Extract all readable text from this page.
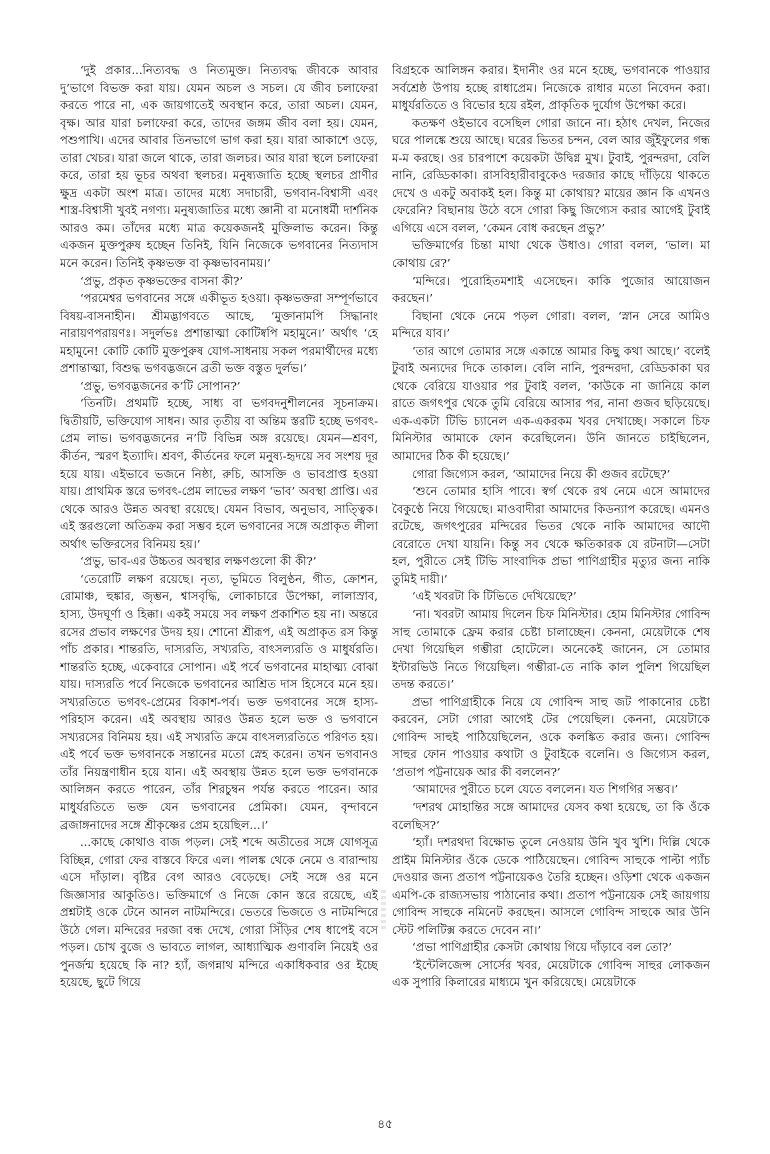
‘দুই প্রকার...নিত্যবদ্ধ ও নিত্যমুক্ত। নিত্যবদ্ধ জীবকে আবার দু’ভাগে বিভক্ত করা যায়। যেমন অচল ও সচল। যে জীব চলাফেরা করতে পারে না, এক জায়গাতেই অবস্থান করে, তারা অচল। যেমন, বৃক্ষ। আর যারা চলাফেরা করে, তাদের জঙ্গম জীব বলা হয়। যেমন, পশুপাখি। এদের আবার তিনভাগে ভাগ করা হয়। যারা আকাশে ওড়ে, তারা খেচর। যারা জলে থাকে, তারা জলচর। আর যারা স্থলে চলাফেরা করে, তারা হয় ভূচর অথবা স্থলচর। মনুষ্যজাতি হচ্ছে স্থলচর প্রাণীর ক্ষুদ্র একটা অংশ মাত্র। তাদের মধ্যে সদাচারী, ভগবান-বিশ্বাসী এবং শাস্ত্র-বিশ্বাসী খুবই নগণ্য। মনুষ্যজাতির মধ্যে জ্ঞানী বা মনোধর্মী দার্শনিক আরও কম। তাঁদের মধ্যে মাত্র কয়েকজনই মুক্তিলাভ করেন। কিন্তু একজন মুক্তপুরুষ হচ্ছেন তিনিই, যিনি নিজেকে ভগবানের নিত্যদাস মনে করেন। তিনিই কৃষ্ণভক্ত বা কৃষ্ণভাবনাময়।’

‘প্রভু, প্রকৃত কৃষ্ণভক্তের বাসনা কী?’

‘পরমেশ্বর ভগবানের সঙ্গে একীভূত হওয়া। কৃষ্ণভক্তরা সম্পূর্ণভাবে বিষয়-বাসনাহীন। শ্রীমদ্ভাগবতে আছে, ‘মুক্তানামপি সিদ্ধানাং নারায়ণপরায়ণঃ। সদুর্লভঃ প্রশান্তাত্মা কোটিষ্বপি মহামুনে।’ অর্থাৎ ‘হে মহামুনে! কোটি কোটি মুক্তপুরুষ যোগ-সাধনায় সকল পরমার্থীদের মধ্যে প্রশান্তাত্মা, বিশুদ্ধ ভগবদ্ভজনে ব্রতী ভক্ত বস্তুত দুর্লভ।’

‘প্রভু, ভগবদ্ভজনের ক’টি সোপান?’

‘তিনটি। প্রথমটি হচ্ছে, সাধ্য বা ভগবদনুশীলনের সূচনাক্রম। দ্বিতীয়টি, ভক্তিযোগ সাধন। আর তৃতীয় বা অন্তিম স্তরটি হচ্ছে ভগবৎ-প্রেম লাভ। ভগবদ্ভজনের ন’টি বিভিন্ন অঙ্গ রয়েছে। যেমন—শ্রবণ, কীর্তন, স্মরণ ইত্যাদি। শ্রবণ, কীর্তনের ফলে মনুষ্য-হৃদয়ে সব সংশয় দূর হয়ে যায়। এইভাবে ভজনে নিষ্ঠা, রুচি, আসক্তি ও ভাবপ্রাপ্ত হওয়া যায়। প্রাথমিক স্তরে ভগবৎ-প্রেম লাভের লক্ষণ ‘ভাব’ অবস্থা প্রাপ্তি। এর থেকে আরও উন্নত অবস্থা রয়েছে। যেমন বিভাব, অনুভাব, সাত্ত্বিক। এই স্তরগুলো অতিক্রম করা সম্ভব হলে ভগবানের সঙ্গে অপ্রাকৃত লীলা অর্থাৎ ভক্তিরসের বিনিময় হয়।’

‘প্রভু, ভাব-এর উচ্চতর অবস্থার লক্ষণগুলো কী কী?’

‘তেরোটি লক্ষণ রয়েছে। নৃত্য, ভূমিতে বিলুণ্ঠন, গীত, ক্রোশন, রোমাঞ্চ, হুঙ্কার, জৃম্ভন, শ্বাসবৃদ্ধি, লোকাচারে উপেক্ষা, লালাস্রাব, হাস্য, উদঘূর্ণা ও হিক্কা। একই সময়ে সব লক্ষণ প্রকাশিত হয় না। অন্তরে রসের প্রভাব লক্ষণের উদয় হয়। শোনো শ্রীরূপ, এই অপ্রাকৃত রস কিন্তু পাঁচ প্রকার। শান্তরতি, দাস্যরতি, সখ্যরতি, বাৎসল্যরতি ও মাধুর্যরতি। শান্তরতি হচ্ছে, একেবারে সোপান। এই পর্বে ভগবানের মাহাত্ম্য বোঝা যায়। দাস্যরতি পর্বে নিজেকে ভগবানের আশ্রিত দাস হিসেবে মনে হয়। সখ্যরতিতে ভগবৎ-প্রেমের বিকাশ-পর্ব। ভক্ত ভগবানের সঙ্গে হাস্য-পরিহাস করেন। এই অবস্থায় আরও উন্নত হলে ভক্ত ও ভগবানে সখ্যরসের বিনিময় হয়। এই সখ্যরতি ক্রমে বাৎসল্যরতিতে পরিণত হয়। এই পর্বে ভক্ত ভগবানকে সন্তানের মতো স্নেহ করেন। তখন ভগবানও তাঁর নিয়ন্ত্রণাধীন হয়ে যান। এই অবস্থায় উন্নত হলে ভক্ত ভগবানকে আলিঙ্গন করতে পারেন, তাঁর শিরচুম্বন পর্যন্ত করতে পারেন। আর মাধুর্যরতিতে ভক্ত যেন ভগবানের প্রেমিকা। যেমন, বৃন্দাবনে ব্রজাঙ্গনাদের সঙ্গে শ্রীকৃষ্ণের প্রেম হয়েছিল...।’

...কাছে কোথাও বাজ পড়ল। সেই শব্দে অতীতের সঙ্গে যোগসূত্র বিচ্ছিন্ন, গোরা ফের বাস্তবে ফিরে এল। পালঙ্ক থেকে নেমে ও বারান্দায় এসে দাঁড়াল। বৃষ্টির বেগ আরও বেড়েছে। সেই সঙ্গে ওর মনে জিজ্ঞাসার আকুতিও। ভক্তিমার্গে ও নিজে কোন স্তরে রয়েছে, এই প্রশ্নটাই ওকে টেনে আনল নাটমন্দিরে। ভেতরে ভিজতে ও নাটমন্দিরে উঠে গেল। মন্দিরের দরজা বন্ধ দেখে, গোরা সিঁড়ির শেষ ধাপেই বসে পড়ল। চোখ বুজে ও ভাবতে লাগল, আধ্যাত্মিক গুণাবলি নিয়েই ওর পুনর্জন্ম হয়েছে কি না? হ্যাঁ, জগন্নাথ মন্দিরে একাধিকবার ওর ইচ্ছে হয়েছে, ছুটে গিয়ে

বিগ্রহকে আলিঙ্গন করার। ইদানীং ওর মনে হচ্ছে, ভগবানকে পাওয়ার সর্বশ্রেষ্ঠ উপায় হচ্ছে রাধাপ্রেম। নিজেকে রাধার মতো নিবেদন করা। মাধুর্যরতিতে ও বিভোর হয়ে রইল, প্রাকৃতিক দুর্যোগ উপেক্ষা করে।

কতক্ষণ ওইভাবে বসেছিল গোরা জানে না। হঠাৎ দেখল, নিজের ঘরে পালঙ্কে শুয়ে আছে। ঘরের ভিতর চন্দন, বেল আর জুঁইফুলের গন্ধ ম-ম করছে। ওর চারপাশে কয়েকটা উদ্বিগ্ন মুখ। টুবাই, পুরন্দরদা, বেলি নানি, রেড্ডিকাকা। রাসবিহারীবাবুকেও দরজার কাছে দাঁড়িয়ে থাকতে দেখে ও একটু অবাকই হল। কিন্তু মা কোথায়? মায়ের জ্ঞান কি এখনও ফেরেনি? বিছানায় উঠে বসে গোরা কিছু জিগ্যেস করার আগেই টুবাই এগিয়ে এসে বলল, ‘কেমন বোধ করছেন প্রভু?’

ভক্তিমার্গের চিন্তা মাথা থেকে উধাও। গোরা বলল, ‘ভাল। মা কোথায় রে?’

‘মন্দিরে। পুরোহিতমশাই এসেছেন। কাকি পুজোর আয়োজন করছেন।’

বিছানা থেকে নেমে পড়ল গোরা। বলল, ‘স্নান সেরে আমিও মন্দিরে যাব।’

‘তার আগে তোমার সঙ্গে একান্তে আমার কিছু কথা আছে।’ বলেই টুবাই অন্যদের দিকে তাকাল। বেলি নানি, পুরন্দরদা, রেড্ডিকাকা ঘর থেকে বেরিয়ে যাওয়ার পর টুবাই বলল, ‘কাউকে না জানিয়ে কাল রাতে জগৎপুর থেকে তুমি বেরিয়ে আসার পর, নানা গুজব ছড়িয়েছে। এক-একটা টিভি চ্যানেল এক-একরকম খবর দেখাচ্ছে। সকালে চিফ মিনিস্টার আমাকে ফোন করেছিলেন। উনি জানতে চাইছিলেন, আমাদের ঠিক কী হয়েছে।’

গোরা জিগ্যেস করল, ‘আমাদের নিয়ে কী গুজব রটেছে?’

‘শুনে তোমার হাসি পাবে। স্বর্গ থেকে রথ নেমে এসে আমাদের বৈকুণ্ঠে নিয়ে গিয়েছে। মাওবাদীরা আমাদের কিডন্যাপ করেছে। এমনও রটেছে, জগৎপুরের মন্দিরের ভিতর থেকে নাকি আমাদের আদৌ বেরোতে দেখা যায়নি। কিন্তু সব থেকে ক্ষতিকারক যে রটনাটা—সেটা হল, পুরীতে সেই টিভি সাংবাদিক প্রভা পাণিগ্রাহীর মৃত্যুর জন্য নাকি তুমিই দায়ী।’

‘এই খবরটা কি টিভিতে দেখিয়েছে?’

‘না। খবরটা আমায় দিলেন চিফ মিনিস্টার। হোম মিনিস্টার গোবিন্দ সাহু তোমাকে ফ্রেম করার চেষ্টা চালাচ্ছেন। কেননা, মেয়েটাকে শেষ দেখা গিয়েছিল গম্ভীরা হোটেলে। অনেকেই জানেন, সে তোমার ইন্টারভিউ নিতে গিয়েছিল। গম্ভীরা-তে নাকি কাল পুলিশ গিয়েছিল তদন্ত করতে।’

প্রভা পাণিগ্রাহীকে নিয়ে যে গোবিন্দ সাহু জট পাকানোর চেষ্টা করবেন, সেটা গোরা আগেই টের পেয়েছিল। কেননা, মেয়েটাকে গোবিন্দ সাহুই পাঠিয়েছিলেন, ওকে কলঙ্কিত করার জন্য। গোবিন্দ সাহুর ফোন পাওয়ার কথাটা ও টুবাইকে বলেনি। ও জিগ্যেস করল, ‘প্রতাপ পট্টনায়েক আর কী বললেন?’

‘আমাদের পুরীতে চলে যেতে বললেন। যত শিগগির সম্ভব।’

‘দশরথ মোহান্তির সঙ্গে আমাদের যেসব কথা হয়েছে, তা কি ওঁকে বলেছিস?’

‘হ্যাঁ। দশরথদা বিক্ষোভ তুলে নেওয়ায় উনি খুব খুশি। দিল্লি থেকে প্রাইম মিনিস্টার ওঁকে ডেকে পাঠিয়েছেন। গোবিন্দ সাহুকে পাল্টা প্যাঁচ দেওয়ার জন্য প্রতাপ পট্টনায়েকও তৈরি হচ্ছেন। ওড়িশা থেকে একজন এমপি-কে রাজ্যসভায় পাঠানোর কথা। প্রতাপ পট্টনায়েক সেই জায়গায় গোবিন্দ সাহুকে নমিনেট করছেন। আসলে গোবিন্দ সাহুকে আর উনি স্টেট পলিটিক্স করতে দেবেন না।’

‘প্রভা পাণিগ্রাহীর কেসটা কোথায় গিয়ে দাঁড়াবে বল তো?’

‘ইন্টেলিজেন্স সোর্সের খবর, মেয়েটাকে গোবিন্দ সাহুর লোকজন এক সুপারি কিলারের মাধ্যমে খুন করিয়েছে। মেয়েটাকে

৪৫
